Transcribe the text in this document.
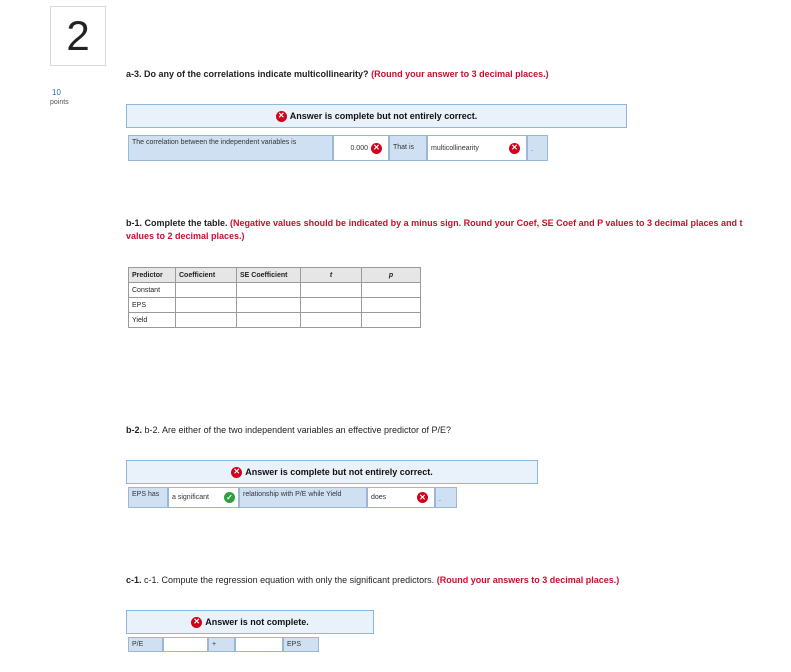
2
10
points
a-3. Do any of the correlations indicate multicollinearity? (Round your answer to 3 decimal places.)
✕ Answer is complete but not entirely correct.
The correlation between the independent variables is
0.000 ✕	That is	multicollinearity	✕	.
b-1. Complete the table. (Negative values should be indicated by a minus sign. Round your Coef, SE Coef and P values to 3 decimal places and t values to 2 decimal places.)
Predictor	Coefficient	SE Coefficient	t	p
Constant				
EPS				
Yield				
b-2. b-2. Are either of the two independent variables an effective predictor of P/E?
✕ Answer is complete but not entirely correct.
EPS has	a significant ✓	relationship with P/E while Yield	does	✕	.
c-1. c-1. Compute the regression equation with only the significant predictors. (Round your answers to 3 decimal places.)
✕ Answer is not complete.
P/E	+	EPS
